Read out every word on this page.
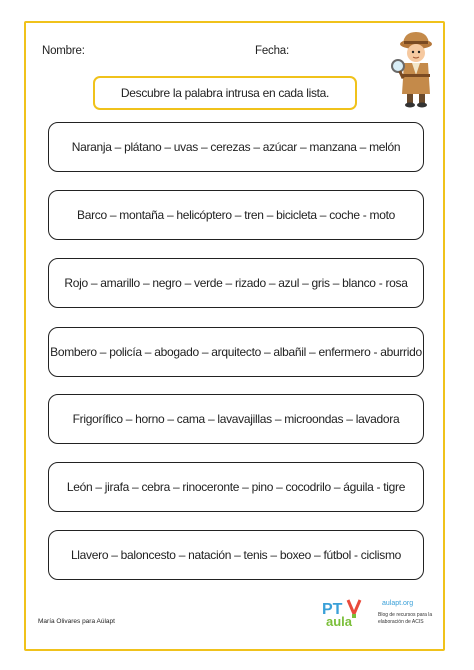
Nombre:	Fecha:
Descubre la palabra intrusa en cada lista.
Naranja – plátano – uvas – cerezas – azúcar – manzana – melón
Barco – montaña – helicóptero – tren – bicicleta – coche - moto
Rojo – amarillo – negro – verde – rizado – azul – gris – blanco - rosa
Bombero – policía – abogado – arquitecto – albañil – enfermero - aburrido
Frigorífico – horno – cama – lavavajillas – microondas – lavadora
León – jirafa – cebra – rinoceronte – pino – cocodrilo – águila - tigre
Llavero – baloncesto – natación – tenis – boxeo – fútbol - ciclismo
María Olivares para Aúlapt
PT
aula
aulapt.org
Blog de recursos para la
elaboración de ACIS
